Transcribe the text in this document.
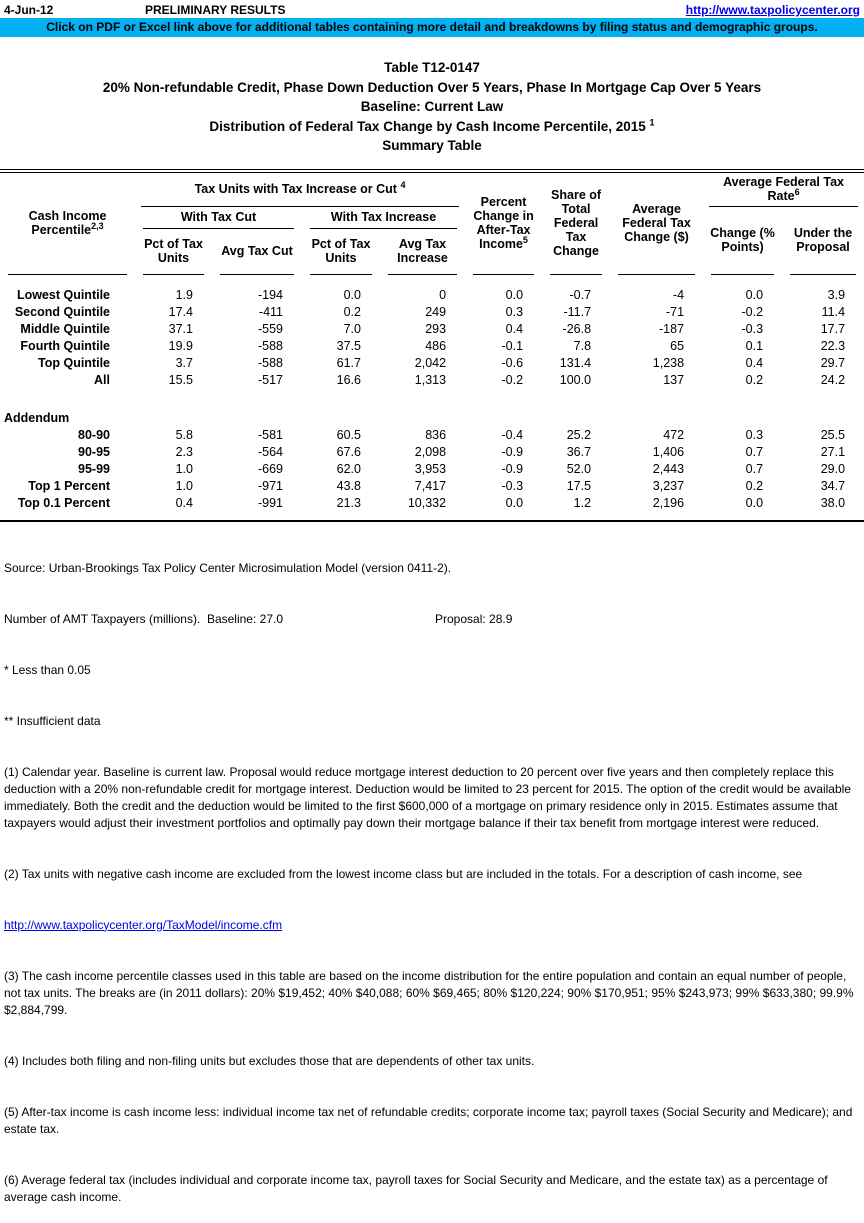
4-Jun-12	PRELIMINARY RESULTS	http://www.taxpolicycenter.org
Click on PDF or Excel link above for additional tables containing more detail and breakdowns by filing status and demographic groups.
Table T12-0147
20% Non-refundable Credit, Phase Down Deduction Over 5 Years, Phase In Mortgage Cap Over 5 Years
Baseline: Current Law
Distribution of Federal Tax Change by Cash Income Percentile, 2015 $^1$
Summary Table
Cash Income Percentile$^{2,3}$	Tax Units with Tax Increase or Cut $^4$				Percent Change in After-Tax Income$^5$	Share of Total Federal Tax Change	Average Federal Tax Change ($)	Average Federal Tax Rate$^6$
	With Tax Cut		With Tax Increase					Change (% Points)	Under the Proposal
	Pct of Tax Units	Avg Tax Cut	Pct of Tax Units	Avg Tax Increase					

Lowest Quintile	1.9	-194	0.0	0	0.0	-0.7	-4	0.0	3.9
Second Quintile	17.4	-411	0.2	249	0.3	-11.7	-71	-0.2	11.4
Middle Quintile	37.1	-559	7.0	293	0.4	-26.8	-187	-0.3	17.7
Fourth Quintile	19.9	-588	37.5	486	-0.1	7.8	65	0.1	22.3
Top Quintile	3.7	-588	61.7	2,042	-0.6	131.4	1,238	0.4	29.7
All	15.5	-517	16.6	1,313	-0.2	100.0	137	0.2	24.2

Addendum									
80-90	5.8	-581	60.5	836	-0.4	25.2	472	0.3	25.5
90-95	2.3	-564	67.6	2,098	-0.9	36.7	1,406	0.7	27.1
95-99	1.0	-669	62.0	3,953	-0.9	52.0	2,443	0.7	29.0
Top 1 Percent	1.0	-971	43.8	7,417	-0.3	17.5	3,237	0.2	34.7
Top 0.1 Percent	0.4	-991	21.3	10,332	0.0	1.2	2,196	0.0	38.0

Source: Urban-Brookings Tax Policy Center Microsimulation Model (version 0411-2).

Number of AMT Taxpayers (millions).  Baseline: 27.0	Proposal: 28.9

* Less than 0.05

** Insufficient data

(1) Calendar year. Baseline is current law. Proposal would reduce mortgage interest deduction to 20 percent over five years and then completely replace this deduction with a 20% non-refundable credit for mortgage interest. Deduction would be limited to 23 percent for 2015. The option of the credit would be available immediately. Both the credit and the deduction would be limited to the first $600,000 of a mortgage on primary residence only in 2015. Estimates assume that taxpayers would adjust their investment portfolios and optimally pay down their mortgage balance if their tax benefit from mortgage interest were reduced.

(2) Tax units with negative cash income are excluded from the lowest income class but are included in the totals. For a description of cash income, see

http://www.taxpolicycenter.org/TaxModel/income.cfm

(3) The cash income percentile classes used in this table are based on the income distribution for the entire population and contain an equal number of people, not tax units. The breaks are (in 2011 dollars): 20% $19,452; 40% $40,088; 60% $69,465; 80% $120,224; 90% $170,951; 95% $243,973; 99% $633,380; 99.9% $2,884,799.

(4) Includes both filing and non-filing units but excludes those that are dependents of other tax units.

(5) After-tax income is cash income less: individual income tax net of refundable credits; corporate income tax; payroll taxes (Social Security and Medicare); and estate tax.

(6) Average federal tax (includes individual and corporate income tax, payroll taxes for Social Security and Medicare, and the estate tax) as a percentage of average cash income.
